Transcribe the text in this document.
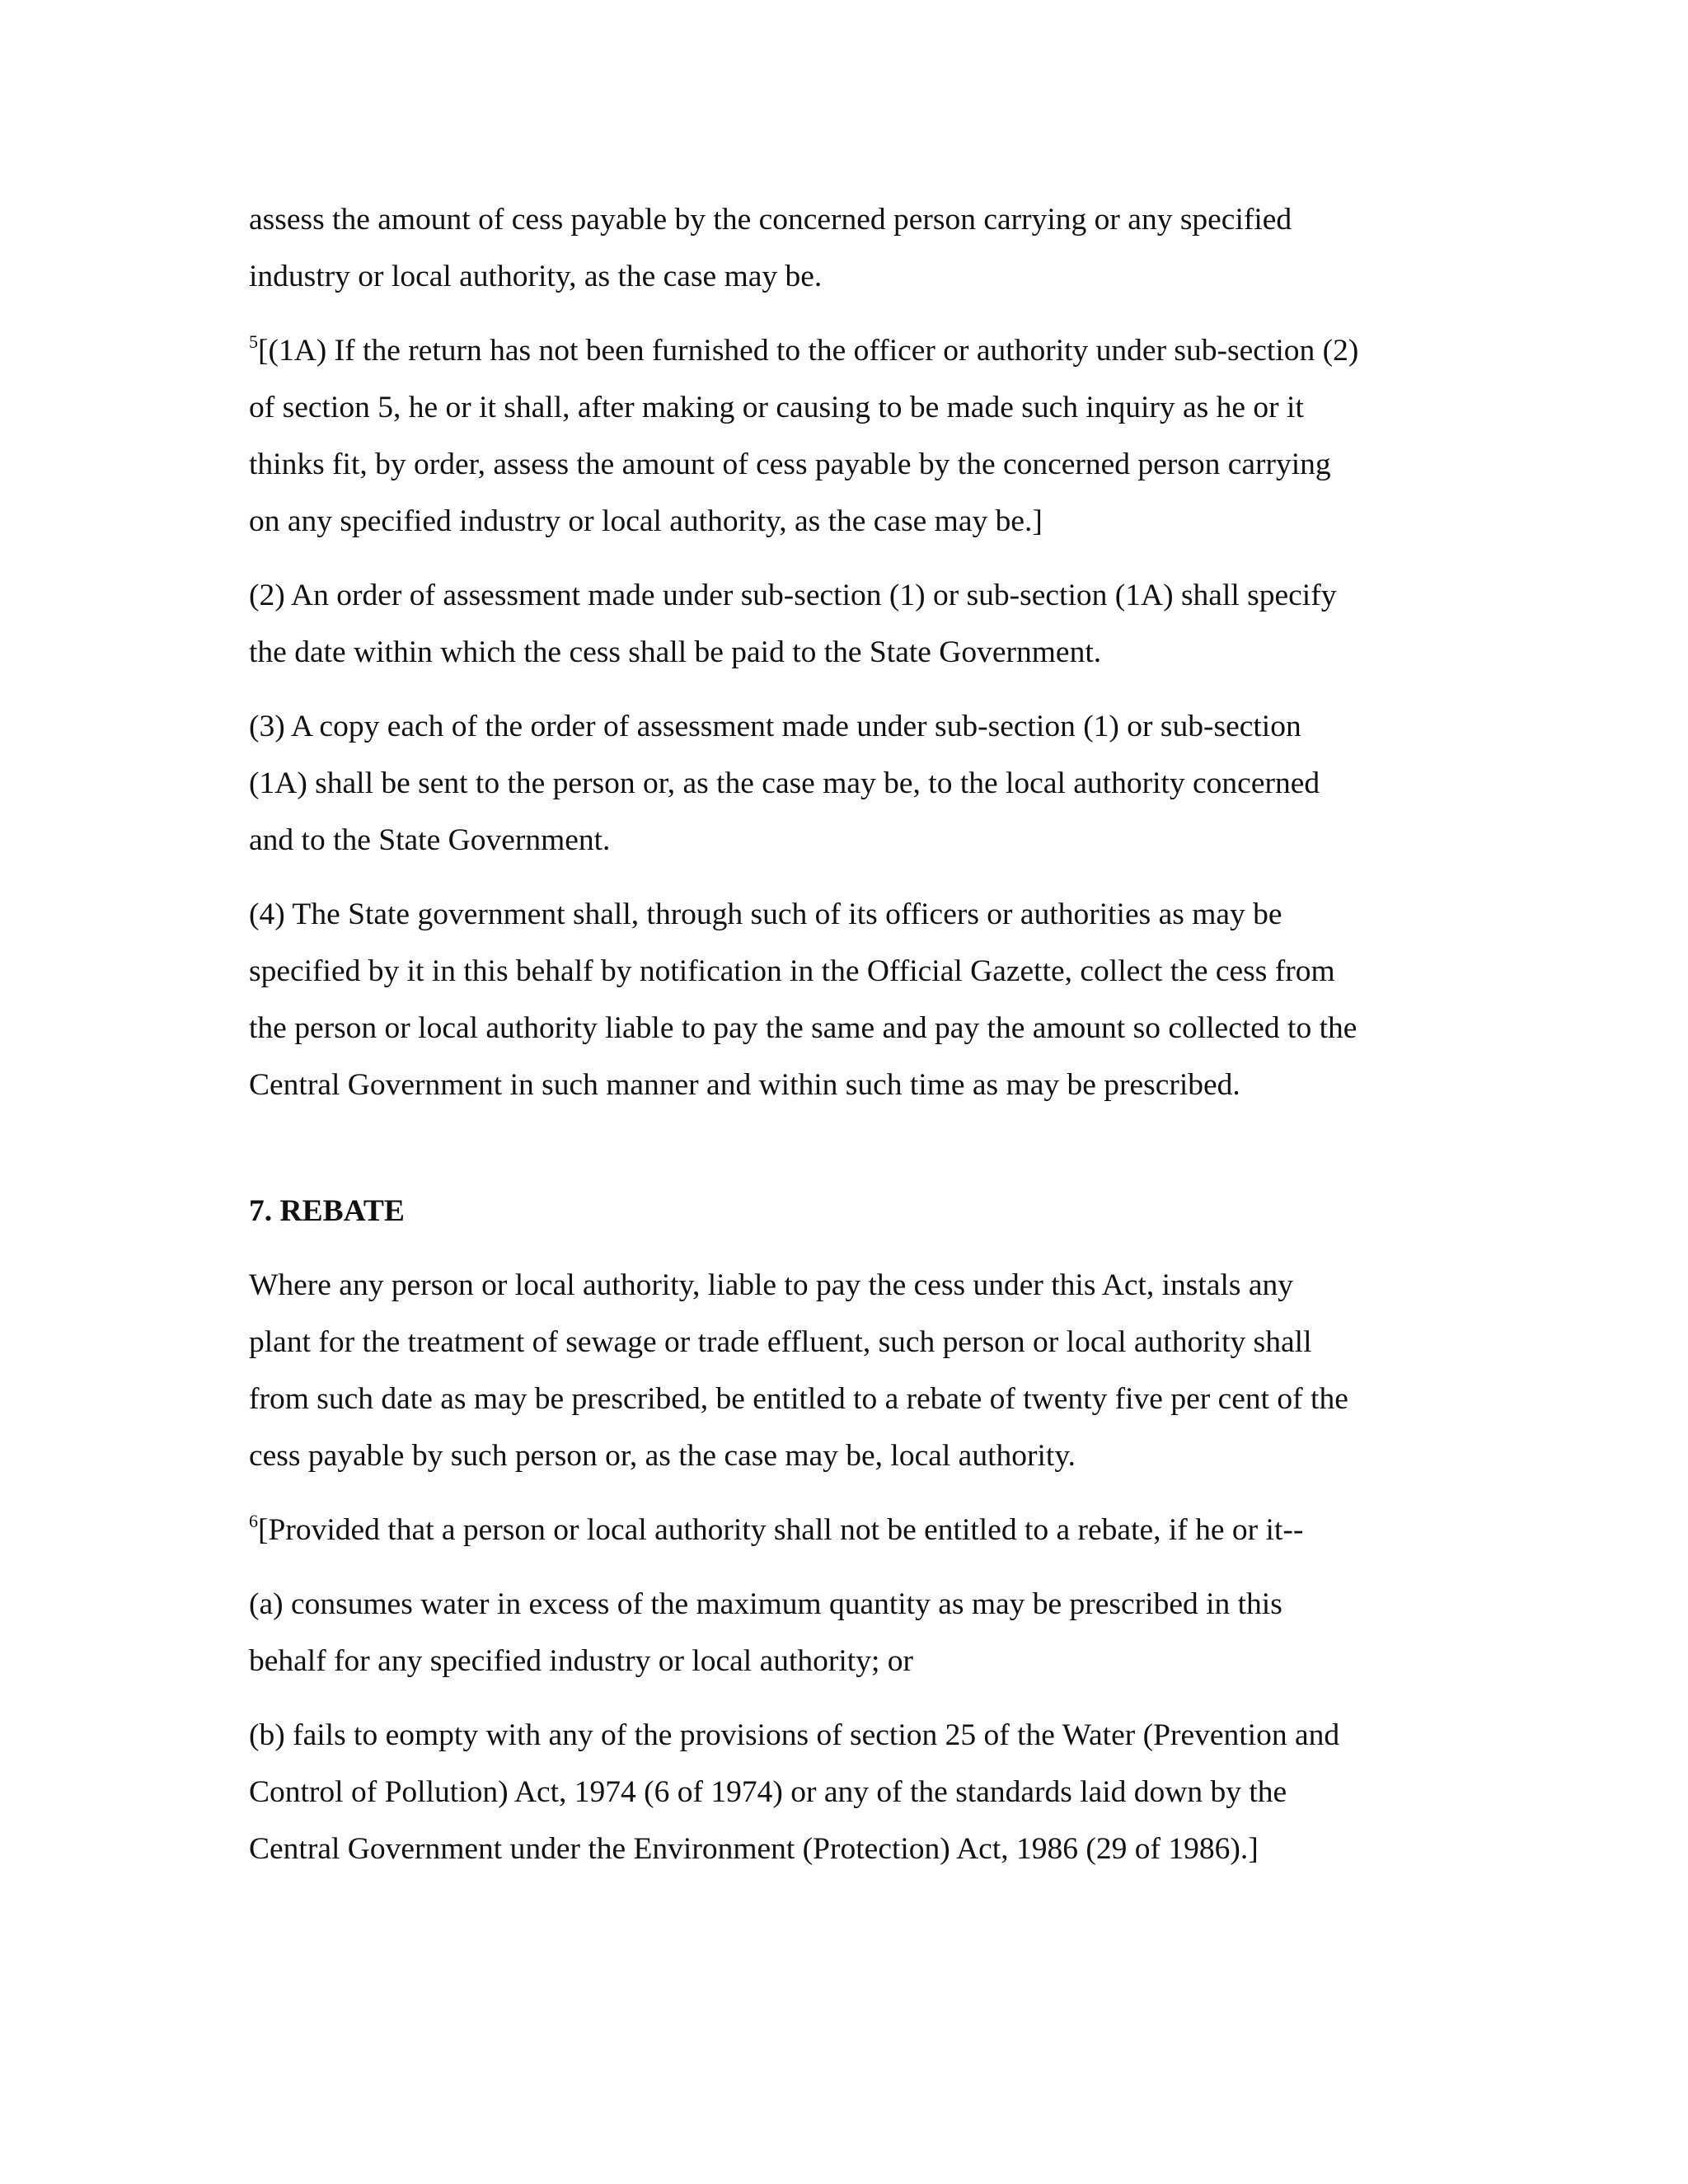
assess the amount of cess payable by the concerned person carrying or any specified
industry or local authority, as the case may be.
$^5$[(1A) If the return has not been furnished to the officer or authority under sub-section (2)
of section 5, he or it shall, after making or causing to be made such inquiry as he or it
thinks fit, by order, assess the amount of cess payable by the concerned person carrying
on any specified industry or local authority, as the case may be.]
(2) An order of assessment made under sub-section (1) or sub-section (1A) shall specify
the date within which the cess shall be paid to the State Government.
(3) A copy each of the order of assessment made under sub-section (1) or sub-section
(1A) shall be sent to the person or, as the case may be, to the local authority concerned
and to the State Government.
(4) The State government shall, through such of its officers or authorities as may be
specified by it in this behalf by notification in the Official Gazette, collect the cess from
the person or local authority liable to pay the same and pay the amount so collected to the
Central Government in such manner and within such time as may be prescribed.
7. REBATE
Where any person or local authority, liable to pay the cess under this Act, instals any
plant for the treatment of sewage or trade effluent, such person or local authority shall
from such date as may be prescribed, be entitled to a rebate of twenty five per cent of the
cess payable by such person or, as the case may be, local authority.
$^6$[Provided that a person or local authority shall not be entitled to a rebate, if he or it--
(a) consumes water in excess of the maximum quantity as may be prescribed in this
behalf for any specified industry or local authority; or
(b) fails to eompty with any of the provisions of section 25 of the Water (Prevention and
Control of Pollution) Act, 1974 (6 of 1974) or any of the standards laid down by the
Central Government under the Environment (Protection) Act, 1986 (29 of 1986).]
